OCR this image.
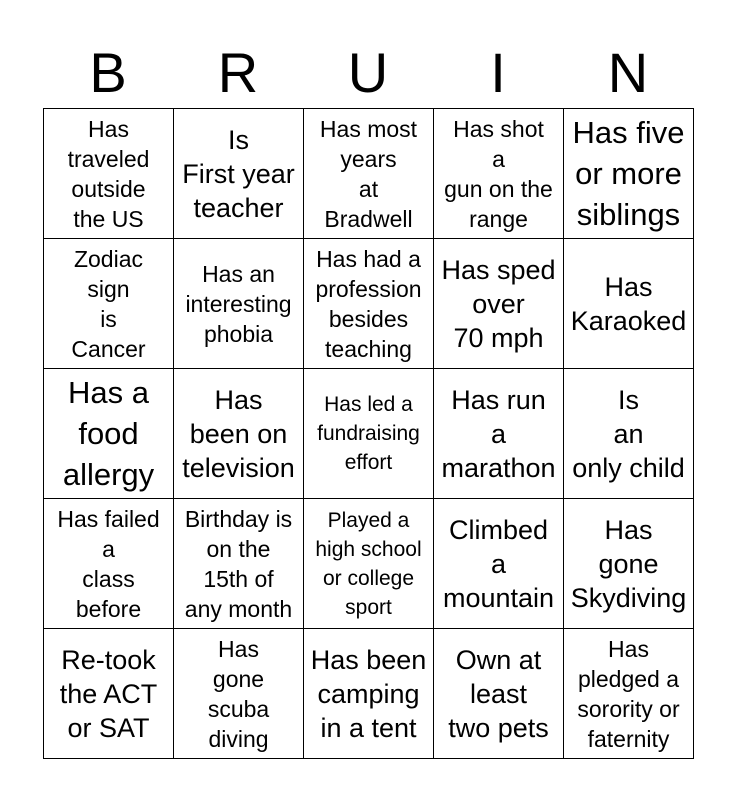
B	R	U	I	N
Has
traveled
outside
the US	Is
First year
teacher	Has most
years
at
Bradwell	Has shot
a
gun on the
range	Has five
or more
siblings

Zodiac
sign
is
Cancer	Has an
interesting
phobia	Has had a
profession
besides
teaching	Has sped
over
70 mph	Has
Karaoked

Has a
food
allergy	Has
been on
television	Has led a
fundraising
effort	Has run
a
marathon	Is
an
only child

Has failed
a
class
before	Birthday is
on the
15th of
any month	Played a
high school
or college
sport	Climbed
a
mountain	Has
gone
Skydiving

Re-took
the ACT
or SAT	Has
gone
scuba
diving	Has been
camping
in a tent	Own at
least
two pets	Has
pledged a
sorority or
faternity
